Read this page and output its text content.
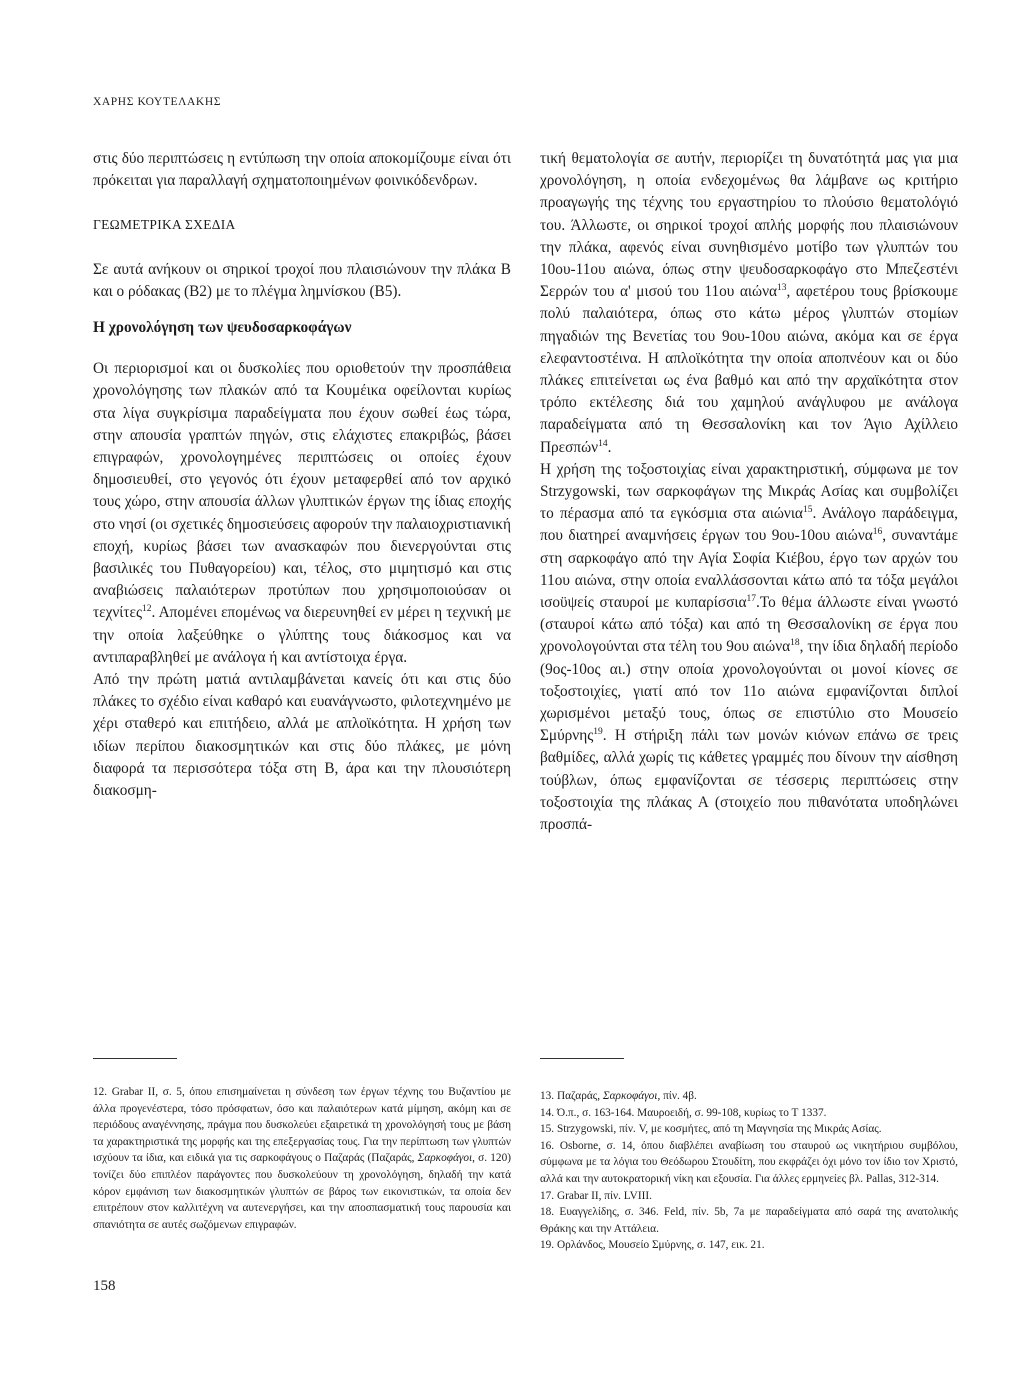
ΧΑΡΗΣ ΚΟΥΤΕΛΑΚΗΣ

στις δύο περιπτώσεις η εντύπωση την οποία αποκομίζουμε είναι ότι πρόκειται για παραλλαγή σχηματοποιημένων φοινικόδενδρων.

ΓΕΩΜΕΤΡΙΚΑ ΣΧΕΔΙΑ

Σε αυτά ανήκουν οι σηρικοί τροχοί που πλαισιώνουν την πλάκα Β και ο ρόδακας (Β2) με το πλέγμα λημνίσκου (Β5).

Η χρονολόγηση των ψευδοσαρκοφάγων

Οι περιορισμοί και οι δυσκολίες που οριοθετούν την προσπάθεια χρονολόγησης των πλακών από τα Κουμέικα οφείλονται κυρίως στα λίγα συγκρίσιμα παραδείγματα που έχουν σωθεί έως τώρα, στην απουσία γραπτών πηγών, στις ελάχιστες επακριβώς, βάσει επιγραφών, χρονολογημένες περιπτώσεις οι οποίες έχουν δημοσιευθεί, στο γεγονός ότι έχουν μεταφερθεί από τον αρχικό τους χώρο, στην απουσία άλλων γλυπτικών έργων της ίδιας εποχής στο νησί (οι σχετικές δημοσιεύσεις αφορούν την παλαιοχριστιανική εποχή, κυρίως βάσει των ανασκαφών που διενεργούνται στις βασιλικές του Πυθαγορείου) και, τέλος, στο μιμητισμό και στις αναβιώσεις παλαιότερων προτύπων που χρησιμοποιούσαν οι τεχνίτες$^{12}$. Απομένει επομένως να διερευνηθεί εν μέρει η τεχνική με την οποία λαξεύθηκε ο γλύπτης τους διάκοσμος και να αντιπαραβληθεί με ανάλογα ή και αντίστοιχα έργα.

Από την πρώτη ματιά αντιλαμβάνεται κανείς ότι και στις δύο πλάκες το σχέδιο είναι καθαρό και ευανάγνωστο, φιλοτεχνημένο με χέρι σταθερό και επιτήδειο, αλλά με απλοϊκότητα. Η χρήση των ιδίων περίπου διακοσμητικών και στις δύο πλάκες, με μόνη διαφορά τα περισσότερα τόξα στη Β, άρα και την πλουσιότερη διακοσμη-

τική θεματολογία σε αυτήν, περιορίζει τη δυνατότητά μας για μια χρονολόγηση, η οποία ενδεχομένως θα λάμβανε ως κριτήριο προαγωγής της τέχνης του εργαστηρίου το πλούσιο θεματολόγιό του. Άλλωστε, οι σηρικοί τροχοί απλής μορφής που πλαισιώνουν την πλάκα, αφενός είναι συνηθισμένο μοτίβο των γλυπτών του 10ου-11ου αιώνα, όπως στην ψευδοσαρκοφάγο στο Μπεζεστένι Σερρών του α' μισού του 11ου αιώνα$^{13}$, αφετέρου τους βρίσκουμε πολύ παλαιότερα, όπως στο κάτω μέρος γλυπτών στομίων πηγαδιών της Βενετίας του 9ου-10ου αιώνα, ακόμα και σε έργα ελεφαντοστέινα. Η απλοϊκότητα την οποία αποπνέουν και οι δύο πλάκες επιτείνεται ως ένα βαθμό και από την αρχαϊκότητα στον τρόπο εκτέλεσης διά του χαμηλού ανάγλυφου με ανάλογα παραδείγματα από τη Θεσσαλονίκη και τον Άγιο Αχίλλειο Πρεσπών$^{14}$.

Η χρήση της τοξοστοιχίας είναι χαρακτηριστική, σύμφωνα με τον Strzygowski, των σαρκοφάγων της Μικράς Ασίας και συμβολίζει το πέρασμα από τα εγκόσμια στα αιώνια$^{15}$. Ανάλογο παράδειγμα, που διατηρεί αναμνήσεις έργων του 9ου-10ου αιώνα$^{16}$, συναντάμε στη σαρκοφάγο από την Αγία Σοφία Κιέβου, έργο των αρχών του 11ου αιώνα, στην οποία εναλλάσσονται κάτω από τα τόξα μεγάλοι ισοϋψείς σταυροί με κυπαρίσσια$^{17}$.Το θέμα άλλωστε είναι γνωστό (σταυροί κάτω από τόξα) και από τη Θεσσαλονίκη σε έργα που χρονολογούνται στα τέλη του 9ου αιώνα$^{18}$, την ίδια δηλαδή περίοδο (9ος-10ος αι.) στην οποία χρονολογούνται οι μονοί κίονες σε τοξοστοιχίες, γιατί από τον 11ο αιώνα εμφανίζονται διπλοί χωρισμένοι μεταξύ τους, όπως σε επιστύλιο στο Μουσείο Σμύρνης$^{19}$. Η στήριξη πάλι των μονών κιόνων επάνω σε τρεις βαθμίδες, αλλά χωρίς τις κάθετες γραμμές που δίνουν την αίσθηση τούβλων, όπως εμφανίζονται σε τέσσερις περιπτώσεις στην τοξοστοιχία της πλάκας Α (στοιχείο που πιθανότατα υποδηλώνει προσπά-

12. Grabar II, σ. 5, όπου επισημαίνεται η σύνδεση των έργων τέχνης του Βυζαντίου με άλλα προγενέστερα, τόσο πρόσφατων, όσο και παλαιότερων κατά μίμηση, ακόμη και σε περιόδους αναγέννησης, πράγμα που δυσκολεύει εξαιρετικά τη χρονολόγησή τους με βάση τα χαρακτηριστικά της μορφής και της επεξεργασίας τους. Για την περίπτωση των γλυπτών ισχύουν τα ίδια, και ειδικά για τις σαρκοφάγους ο Παζαράς (Παζαράς, Σαρκοφάγοι, σ. 120) τονίζει δύο επιπλέον παράγοντες που δυσκολεύουν τη χρονολόγηση, δηλαδή την κατά κόρον εμφάνιση των διακοσμητικών γλυπτών σε βάρος των εικονιστικών, τα οποία δεν επιτρέπουν στον καλλιτέχνη να αυτενεργήσει, και την αποσπασματική τους παρουσία και σπανιότητα σε αυτές σωζόμενων επιγραφών.

13. Παζαράς, Σαρκοφάγοι, πίν. 4β.

14. Ό.π., σ. 163-164. Μαυροειδή, σ. 99-108, κυρίως το Τ 1337.

15. Strzygowski, πίν. V, με κοσμήτες, από τη Μαγνησία της Μικράς Ασίας.

16. Osborne, σ. 14, όπου διαβλέπει αναβίωση του σταυρού ως νικητήριου συμβόλου, σύμφωνα με τα λόγια του Θεόδωρου Στουδίτη, που εκφράζει όχι μόνο τον ίδιο τον Χριστό, αλλά και την αυτοκρατορική νίκη και εξουσία. Για άλλες ερμηνείες βλ. Pallas, 312-314.

17. Grabar II, πίν. LVIII.

18. Ευαγγελίδης, σ. 346. Feld, πίν. 5b, 7a με παραδείγματα από σαρά της ανατολικής Θράκης και την Αττάλεια.

19. Ορλάνδος, Μουσείο Σμύρνης, σ. 147, εικ. 21.

158
